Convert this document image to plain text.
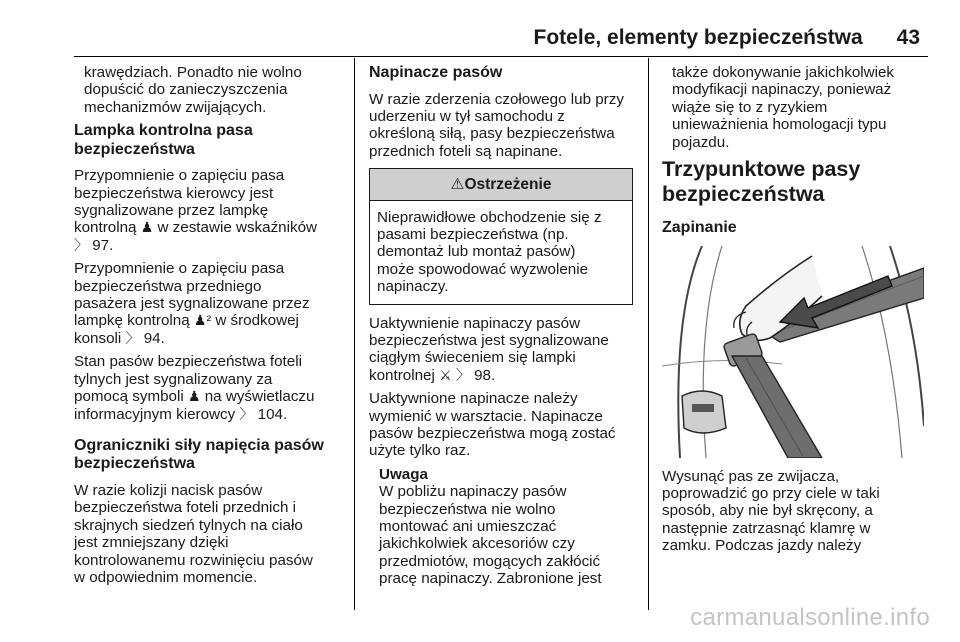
Fotele, elementy bezpieczeństwa 43

krawędziach. Ponadto nie wolno
dopuścić do zanieczyszczenia
mechanizmów zwijających.

Lampka kontrolna pasa
bezpieczeństwa

Przypomnienie o zapięciu pasa
bezpieczeństwa kierowcy jest
sygnalizowane przez lampkę
kontrolną ♟ w zestawie wskaźników
〉 97.

Przypomnienie o zapięciu pasa
bezpieczeństwa przedniego
pasażera jest sygnalizowane przez
lampkę kontrolną ♟² w środkowej
konsoli 〉 94.

Stan pasów bezpieczeństwa foteli
tylnych jest sygnalizowany za
pomocą symboli ♟ na wyświetlaczu
informacyjnym kierowcy 〉 104.

Ograniczniki siły napięcia pasów
bezpieczeństwa

W razie kolizji nacisk pasów
bezpieczeństwa foteli przednich i
skrajnych siedzeń tylnych na ciało
jest zmniejszany dzięki
kontrolowanemu rozwinięciu pasów
w odpowiednim momencie.

Napinacze pasów

W razie zderzenia czołowego lub przy
uderzeniu w tył samochodu z
określoną siłą, pasy bezpieczeństwa
przednich foteli są napinane.

⚠Ostrzeżenie
Nieprawidłowe obchodzenie się z
pasami bezpieczeństwa (np.
demontaż lub montaż pasów)
może spowodować wyzwolenie
napinaczy.

Uaktywnienie napinaczy pasów
bezpieczeństwa jest sygnalizowane
ciągłym świeceniem się lampki
kontrolnej ⚔ 〉 98.

Uaktywnione napinacze należy
wymienić w warsztacie. Napinacze
pasów bezpieczeństwa mogą zostać
użyte tylko raz.

Uwaga
W pobliżu napinaczy pasów
bezpieczeństwa nie wolno
montować ani umieszczać
jakichkolwiek akcesoriów czy
przedmiotów, mogących zakłócić
pracę napinaczy. Zabronione jest

także dokonywanie jakichkolwiek
modyfikacji napinaczy, ponieważ
wiąże się to z ryzykiem
unieważnienia homologacji typu
pojazdu.

Trzypunktowe pasy
bezpieczeństwa
Zapinanie

Wysunąć pas ze zwijacza,
poprowadzić go przy ciele w taki
sposób, aby nie był skręcony, a
następnie zatrzasnąć klamrę w
zamku. Podczas jazdy należy

carmanualsonline.info
